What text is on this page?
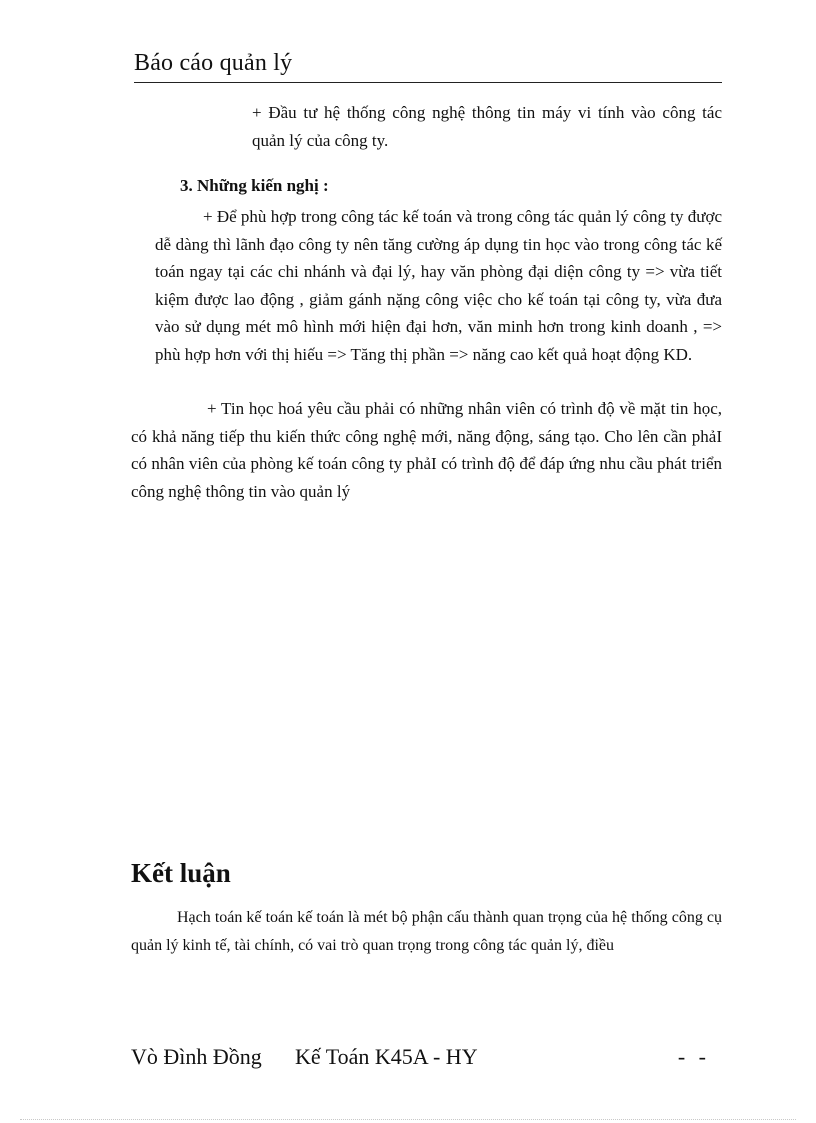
Báo cáo quản lý

+ Đầu tư hệ thống công nghệ thông tin máy vi tính vào công tác quản lý của công ty.

3. Những kiến nghị :

+ Để phù hợp trong công tác kế toán và trong công tác quản lý công ty được dễ dàng thì lãnh đạo công ty nên tăng cường áp dụng tin học vào trong công tác kế toán ngay tại các chi nhánh và đại lý, hay văn phòng đại diện công ty => vừa tiết kiệm được lao động , giảm gánh nặng công việc cho kế toán tại công ty, vừa đưa vào sử dụng mét mô hình mới hiện đại hơn, văn minh hơn trong kinh doanh , => phù hợp hơn với thị hiếu => Tăng thị phần => năng cao kết quả hoạt động KD.

+ Tin học hoá yêu cầu phải có những nhân viên có trình độ về mặt tin học, có khả năng tiếp thu kiến thức công nghệ mới, năng động, sáng tạo. Cho lên cần phảI có nhân viên của phòng kế toán công ty phảI có trình độ để đáp ứng nhu cầu phát triển công nghệ thông tin vào quản lý

Kết luận

Hạch toán kế toán kế toán là mét bộ phận cấu thành quan trọng của hệ thống công cụ quản lý kinh tế, tài chính, có vai trò quan trọng trong công tác quản lý, điều

Vò Đình Đồng Kế Toán K45A - HY	- -
